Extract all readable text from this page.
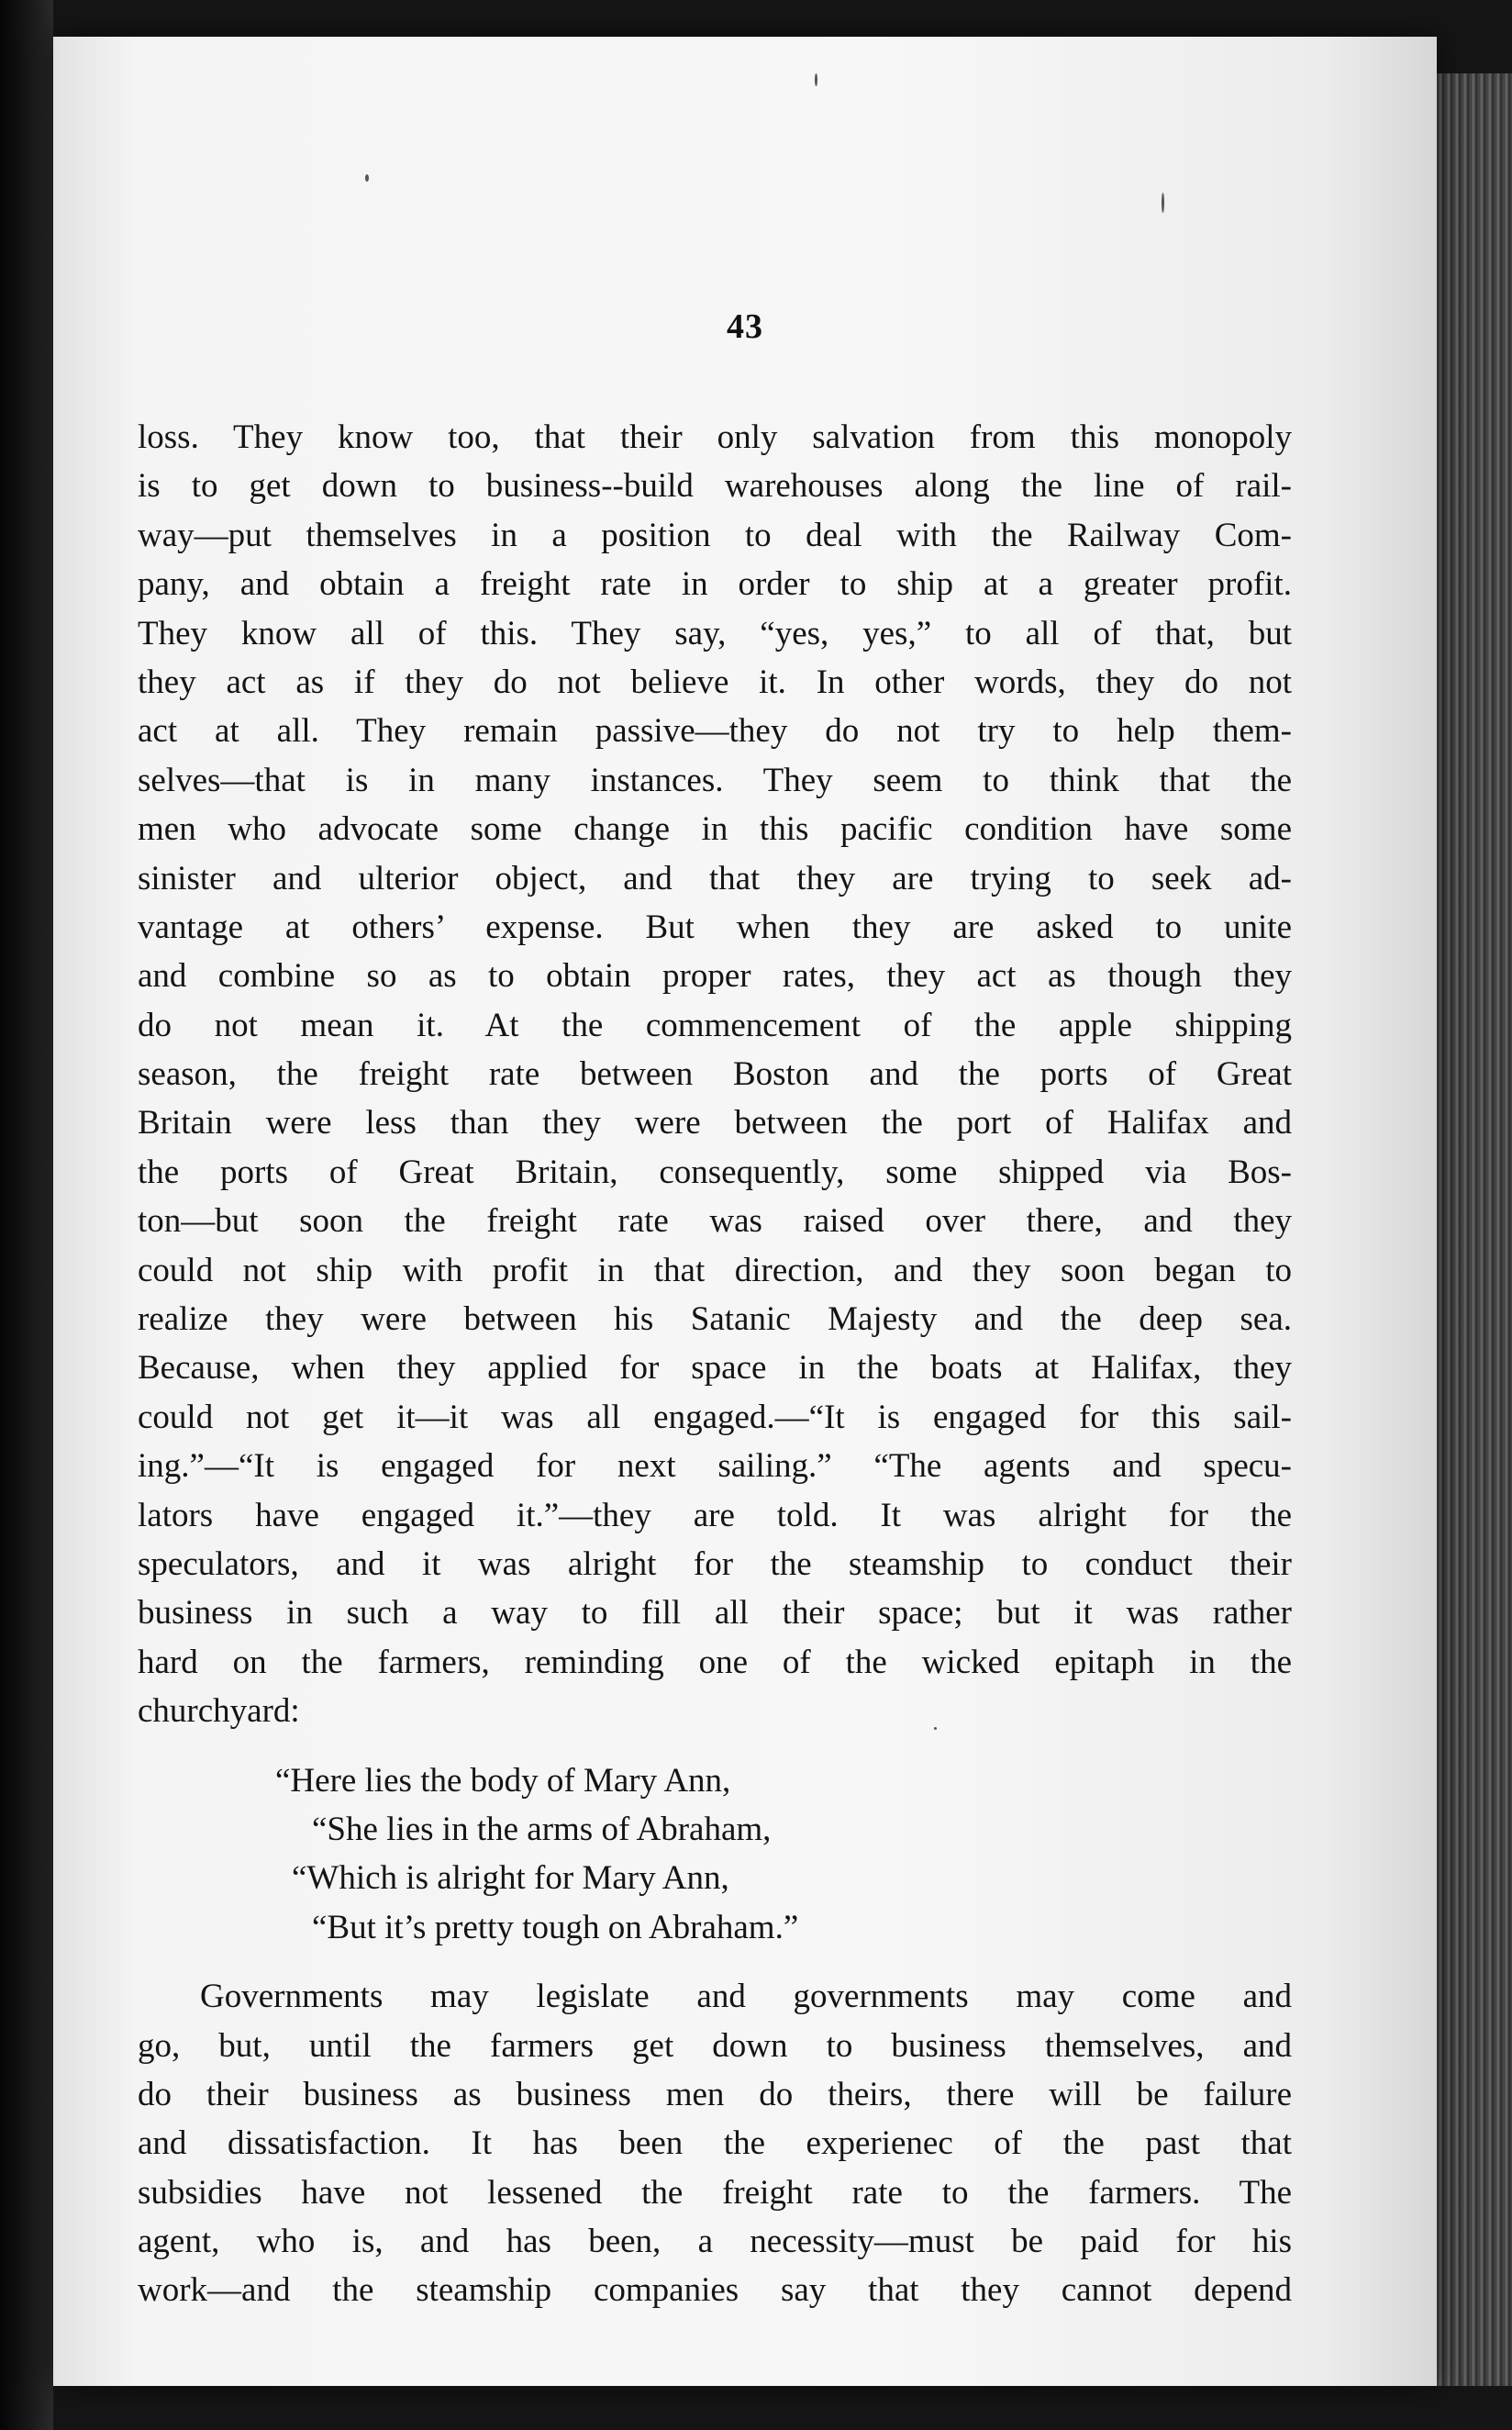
43
loss. They know too, that their only salvation from this monopoly
is to get down to business--build warehouses along the line of rail-
way—put themselves in a position to deal with the Railway Com-
pany, and obtain a freight rate in order to ship at a greater profit.
They know all of this. They say, “yes, yes,” to all of that, but
they act as if they do not believe it. In other words, they do not
act at all. They remain passive—they do not try to help them-
selves—that is in many instances. They seem to think that the
men who advocate some change in this pacific condition have some
sinister and ulterior object, and that they are trying to seek ad-
vantage at others’ expense. But when they are asked to unite
and combine so as to obtain proper rates, they act as though they
do not mean it. At the commencement of the apple shipping
season, the freight rate between Boston and the ports of Great
Britain were less than they were between the port of Halifax and
the ports of Great Britain, consequently, some shipped via Bos-
ton—but soon the freight rate was raised over there, and they
could not ship with profit in that direction, and they soon began to
realize they were between his Satanic Majesty and the deep sea.
Because, when they applied for space in the boats at Halifax, they
could not get it—it was all engaged.—“It is engaged for this sail-
ing.”—“It is engaged for next sailing.” “The agents and specu-
lators have engaged it.”—they are told. It was alright for the
speculators, and it was alright for the steamship to conduct their
business in such a way to fill all their space; but it was rather
hard on the farmers, reminding one of the wicked epitaph in the
churchyard:
“Here lies the body of Mary Ann,
“She lies in the arms of Abraham,
“Which is alright for Mary Ann,
“But it’s pretty tough on Abraham.”
Governments may legislate and governments may come and
go, but, until the farmers get down to business themselves, and
do their business as business men do theirs, there will be failure
and dissatisfaction. It has been the experienec of the past that
subsidies have not lessened the freight rate to the farmers. The
agent, who is, and has been, a necessity—must be paid for his
work—and the steamship companies say that they cannot depend
